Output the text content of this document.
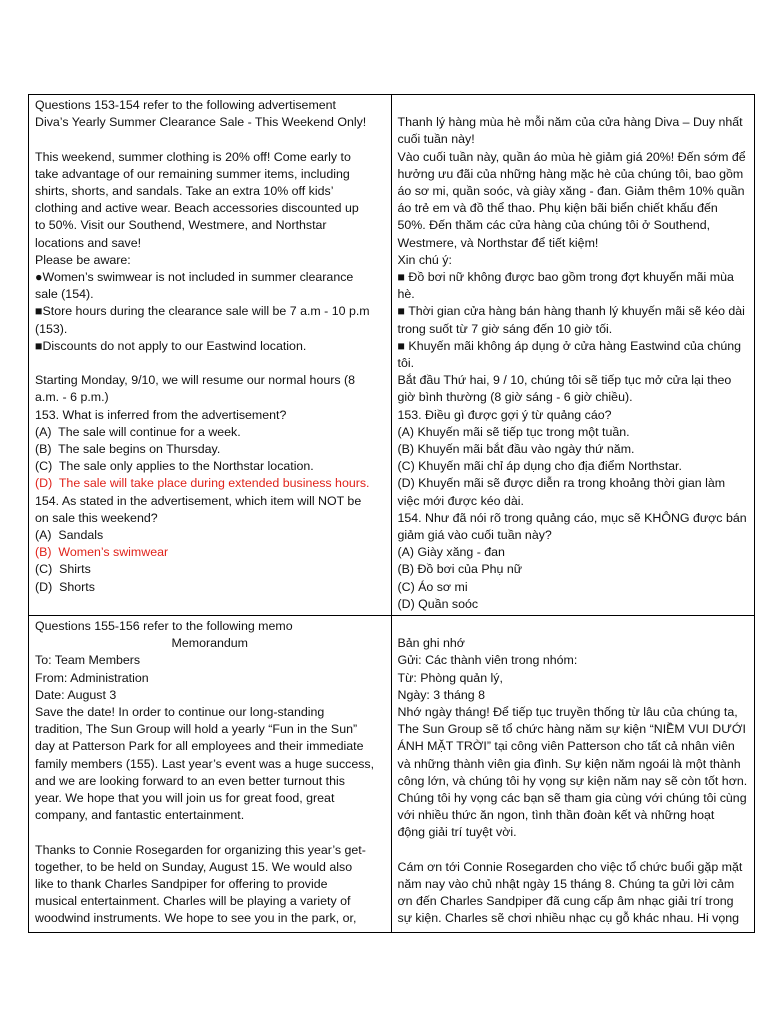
Questions 153-154 refer to the following advertisement
Diva’s Yearly Summer Clearance Sale - This Weekend Only!
This weekend, summer clothing is 20% off! Come early to
take advantage of our remaining summer items, including
shirts, shorts, and sandals. Take an extra 10% off kids’
clothing and active wear. Beach accessories discounted up
to 50%. Visit our Southend, Westmere, and Northstar
locations and save!
Please be aware:
●Women’s swimwear is not included in summer clearance
sale (154).
■Store hours during the clearance sale will be 7 a.m - 10 p.m
(153).
■Discounts do not apply to our Eastwind location.
Starting Monday, 9/10, we will resume our normal hours (8
a.m. - 6 p.m.)
153. What is inferred from the advertisement?
(A)  The sale will continue for a week.
(B)  The sale begins on Thursday.
(C)  The sale only applies to the Northstar location.
(D)  The sale will take place during extended business hours.
154. As stated in the advertisement, which item will NOT be
on sale this weekend?
(A)  Sandals
(B)  Women’s swimwear
(C)  Shirts
(D)  Shorts
Thanh lý hàng mùa hè mỗi năm của cửa hàng Diva – Duy nhất
cuối tuần này!
Vào cuối tuần này, quần áo mùa hè giảm giá 20%! Đến sớm để
hưởng ưu đãi của những hàng mặc hè của chúng tôi, bao gồm
áo sơ mi, quần soóc, và giày xăng - đan. Giảm thêm 10% quần
áo trẻ em và đồ thể thao. Phụ kiện bãi biển chiết khấu đến
50%. Đến thăm các cửa hàng của chúng tôi ở Southend,
Westmere, và Northstar để tiết kiệm!
Xin chú ý:
■ Đồ bơi nữ không được bao gồm trong đợt khuyến mãi mùa
hè.
■ Thời gian cửa hàng bán hàng thanh lý khuyến mãi sẽ kéo dài
trong suốt từ 7 giờ sáng đến 10 giờ tối.
■ Khuyến mãi không áp dụng ở cửa hàng Eastwind của chúng
tôi.
Bắt đầu Thứ hai, 9 / 10, chúng tôi sẽ tiếp tục mở cửa lại theo
giờ bình thường (8 giờ sáng - 6 giờ chiều).
153. Điều gì được gợi ý từ quảng cáo?
(A) Khuyến mãi sẽ tiếp tục trong một tuần.
(B) Khuyến mãi bắt đầu vào ngày thứ năm.
(C) Khuyến mãi chỉ áp dụng cho địa điểm Northstar.
(D) Khuyến mãi sẽ được diễn ra trong khoảng thời gian làm
việc mới được kéo dài.
154. Như đã nói rõ trong quảng cáo, mục sẽ KHÔNG được bán
giảm giá vào cuối tuần này?
(A) Giày xăng - đan
(B) Đồ bơi của Phụ nữ
(C) Áo sơ mi
(D) Quần soóc
Questions 155-156 refer to the following memo
Memorandum
To: Team Members
From: Administration
Date: August 3
Save the date! In order to continue our long-standing
tradition, The Sun Group will hold a yearly “Fun in the Sun”
day at Patterson Park for all employees and their immediate
family members (155). Last year’s event was a huge success,
and we are looking forward to an even better turnout this
year. We hope that you will join us for great food, great
company, and fantastic entertainment.
Thanks to Connie Rosegarden for organizing this year’s get-
together, to be held on Sunday, August 15. We would also
like to thank Charles Sandpiper for offering to provide
musical entertainment. Charles will be playing a variety of
woodwind instruments. We hope to see you in the park, or,
Bản ghi nhớ
Gửi: Các thành viên trong nhóm:
Từ: Phòng quản lý,
Ngày: 3 tháng 8
Nhớ ngày tháng! Để tiếp tục truyền thống từ lâu của chúng ta,
The Sun Group sẽ tổ chức hàng năm sự kiện “NIỀM VUI DƯỚI
ÁNH MẶT TRỜI” tại công viên Patterson cho tất cả nhân viên
và những thành viên gia đình. Sự kiện năm ngoái là một thành
công lớn, và chúng tôi hy vọng sự kiện năm nay sẽ còn tốt hơn.
Chúng tôi hy vọng các bạn sẽ tham gia cùng với chúng tôi cùng
với nhiều thức ăn ngon, tình thần đoàn kết và những hoạt
động giải trí tuyệt vời.
Cám ơn tới Connie Rosegarden cho việc tổ chức buổi gặp mặt
năm nay vào chủ nhật ngày 15 tháng 8. Chúng ta gửi lời cảm
ơn đến Charles Sandpiper đã cung cấp âm nhạc giải trí trong
sự kiện. Charles sẽ chơi nhiều nhạc cụ gỗ khác nhau. Hi vọng
